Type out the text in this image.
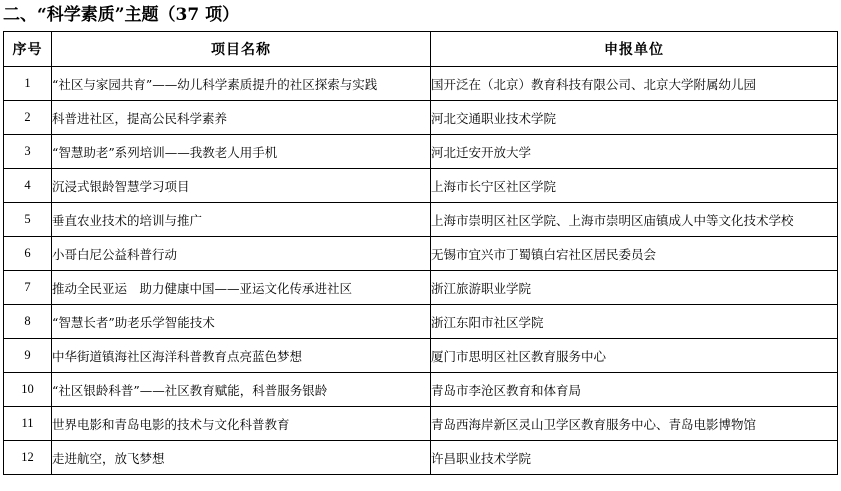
二、“科学素质”主题（37 项）
序号	项目名称	申报单位
1	“社区与家园共育”——幼儿科学素质提升的社区探索与实践	国开泛在（北京）教育科技有限公司、北京大学附属幼儿园
2	科普进社区，提高公民科学素养	河北交通职业技术学院
3	“智慧助老”系列培训——我教老人用手机	河北迁安开放大学
4	沉浸式银龄智慧学习项目	上海市长宁区社区学院
5	垂直农业技术的培训与推广	上海市崇明区社区学院、上海市崇明区庙镇成人中等文化技术学校
6	小哥白尼公益科普行动	无锡市宜兴市丁蜀镇白宕社区居民委员会
7	推动全民亚运　助力健康中国——亚运文化传承进社区	浙江旅游职业学院
8	“智慧长者”助老乐学智能技术	浙江东阳市社区学院
9	中华街道镇海社区海洋科普教育点亮蓝色梦想	厦门市思明区社区教育服务中心
10	“社区银龄科普”——社区教育赋能，科普服务银龄	青岛市李沧区教育和体育局
11	世界电影和青岛电影的技术与文化科普教育	青岛西海岸新区灵山卫学区教育服务中心、青岛电影博物馆
12	走进航空，放飞梦想	许昌职业技术学院
